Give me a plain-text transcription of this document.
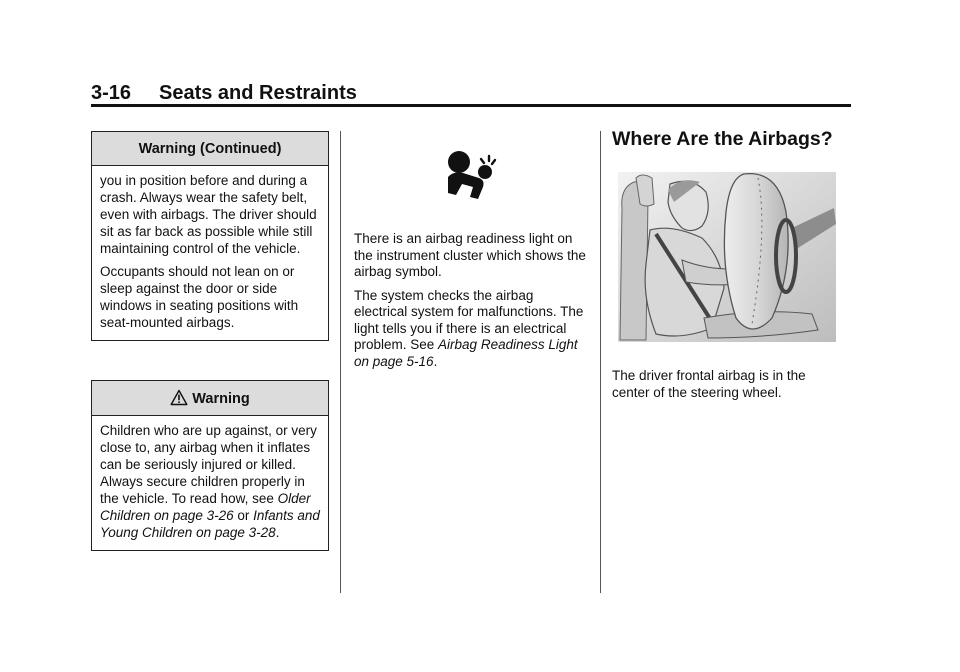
3-16 Seats and Restraints
Warning (Continued)

you in position before and during a crash. Always wear the safety belt, even with airbags. The driver should sit as far back as possible while still maintaining control of the vehicle.

Occupants should not lean on or sleep against the door or side windows in seating positions with seat-mounted airbags.

Warning

Children who are up against, or very close to, any airbag when it inflates can be seriously injured or killed. Always secure children properly in the vehicle. To read how, see Older Children on page 3-26 or Infants and Young Children on page 3-28.

There is an airbag readiness light on the instrument cluster which shows the airbag symbol.

The system checks the airbag electrical system for malfunctions. The light tells you if there is an electrical problem. See Airbag Readiness Light on page 5-16.

Where Are the Airbags?
The driver frontal airbag is in the center of the steering wheel.
